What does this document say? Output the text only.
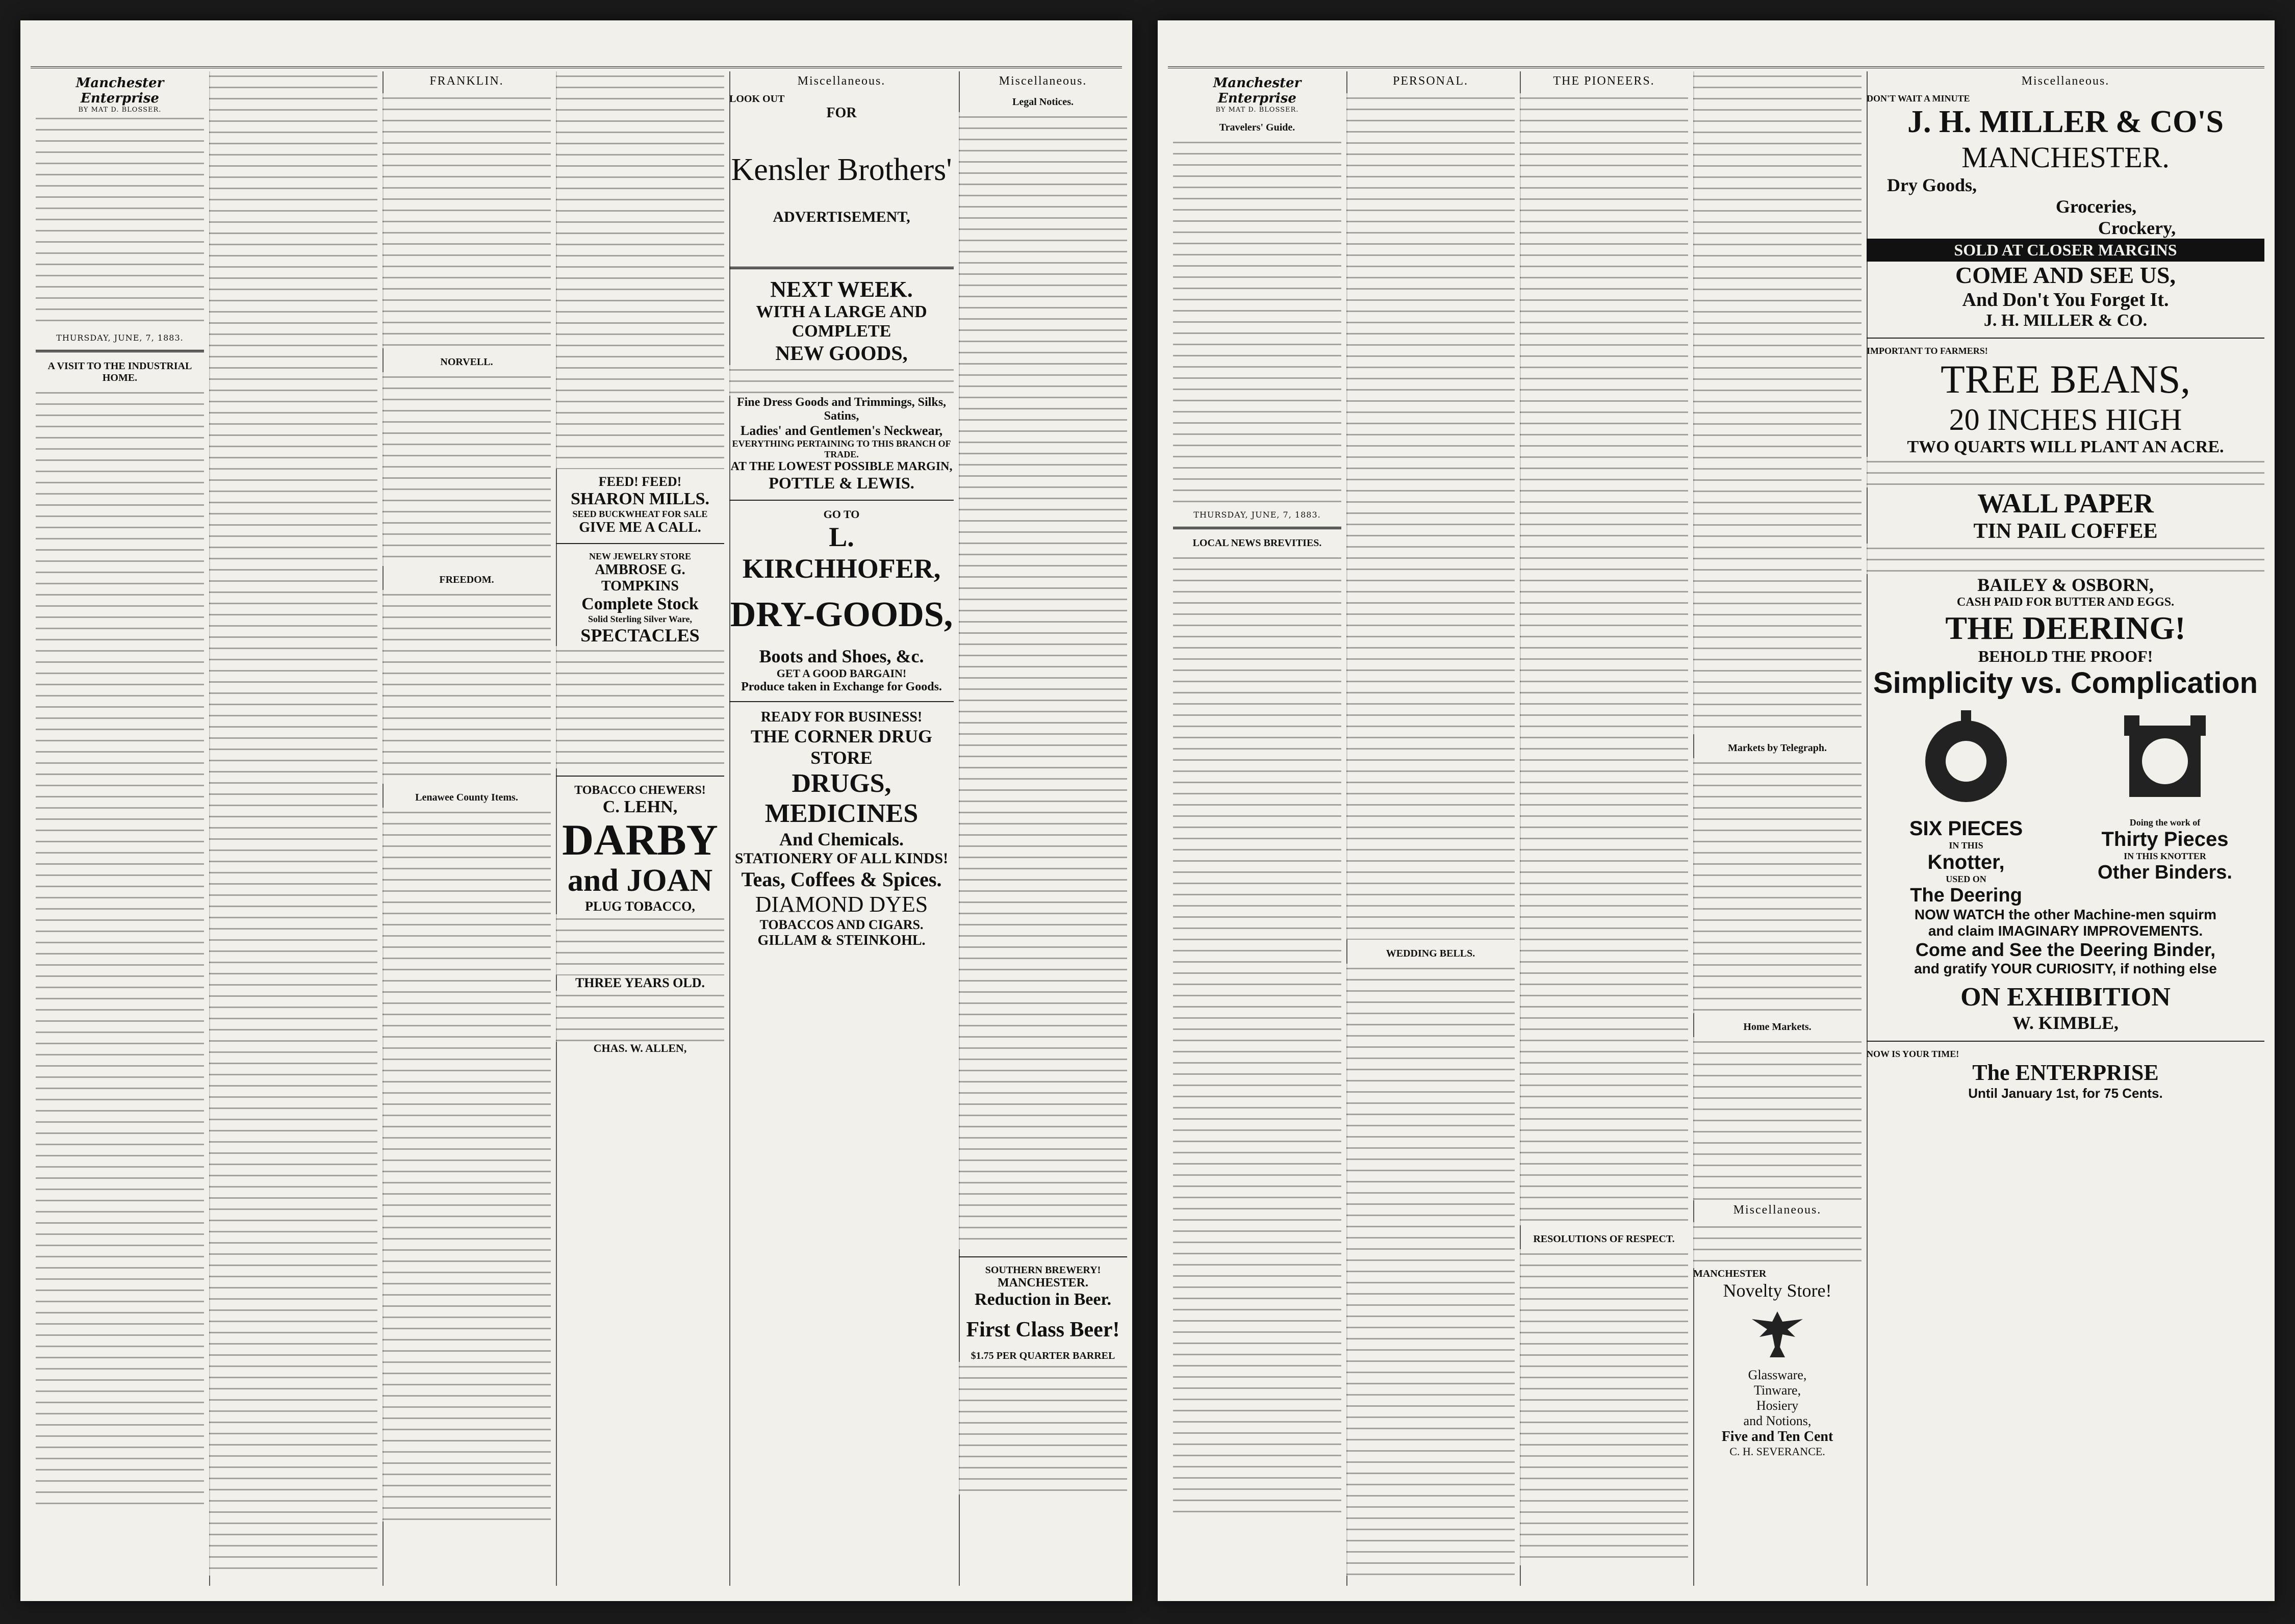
Manchester Enterprise
BY MAT D. BLOSSER.
THURSDAY, JUNE, 7, 1883.
A VISIT TO THE INDUSTRIAL HOME.
FRANKLIN.
NORVELL.
FREEDOM.
Lenawee County Items.
FEED! FEED!
SHARON MILLS.
SEED BUCKWHEAT FOR SALE
GIVE ME A CALL.
NEW JEWELRY STORE
AMBROSE G. TOMPKINS
Complete Stock
Solid Sterling Silver Ware,
SPECTACLES
TOBACCO CHEWERS!
C. LEHN,
DARBY
and JOAN
PLUG TOBACCO,
THREE YEARS OLD.
CHAS. W. ALLEN,
Miscellaneous.
LOOK OUT
FOR
Kensler Brothers'
ADVERTISEMENT,
NEXT WEEK.
WITH A LARGE AND COMPLETE
NEW GOODS,
Fine Dress Goods and Trimmings, Silks, Satins,
Ladies' and Gentlemen's Neckwear,
EVERYTHING PERTAINING TO THIS BRANCH OF TRADE.
AT THE LOWEST POSSIBLE MARGIN,
POTTLE & LEWIS.
GO TO
L. KIRCHHOFER,
DRY-GOODS,
Boots and Shoes, &c.
GET A GOOD BARGAIN!
Produce taken in Exchange for Goods.
READY FOR BUSINESS!
THE CORNER DRUG STORE
DRUGS, MEDICINES
And Chemicals.
STATIONERY OF ALL KINDS!
Teas, Coffees & Spices.
DIAMOND DYES
TOBACCOS AND CIGARS.
GILLAM & STEINKOHL.
Miscellaneous.
Legal Notices.
SOUTHERN BREWERY!
MANCHESTER.
Reduction in Beer.
First Class Beer!
$1.75 PER QUARTER BARREL
Manchester Enterprise
BY MAT D. BLOSSER.
Travelers' Guide.
THURSDAY, JUNE, 7, 1883.
LOCAL NEWS BREVITIES.
PERSONAL.
WEDDING BELLS.
THE PIONEERS.
RESOLUTIONS OF RESPECT.
Markets by Telegraph.
Home Markets.
Miscellaneous.
MANCHESTER
Novelty Store!
Glassware,
Tinware,
Hosiery
and Notions,
Five and Ten Cent
C. H. SEVERANCE.
Miscellaneous.
DON'T WAIT A MINUTE
J. H. MILLER & CO'S
MANCHESTER.
Dry Goods,
Groceries,
Crockery,
SOLD AT CLOSER MARGINS
COME AND SEE US,
And Don't You Forget It.
J. H. MILLER & CO.
IMPORTANT TO FARMERS!
TREE BEANS,
20 INCHES HIGH
TWO QUARTS WILL PLANT AN ACRE.
WALL PAPER
TIN PAIL COFFEE
BAILEY & OSBORN,
CASH PAID FOR BUTTER AND EGGS.
THE DEERING!
BEHOLD THE PROOF!
Simplicity vs. Complication
SIX PIECES
IN THIS
Knotter,
USED ON
The Deering
Doing the work of
Thirty Pieces
IN THIS KNOTTER
Other Binders.
NOW WATCH the other Machine-men squirm
and claim IMAGINARY IMPROVEMENTS.
Come and See the Deering Binder,
and gratify YOUR CURIOSITY, if nothing else
ON EXHIBITION
W. KIMBLE,
NOW IS YOUR TIME!
The ENTERPRISE
Until January 1st, for 75 Cents.
